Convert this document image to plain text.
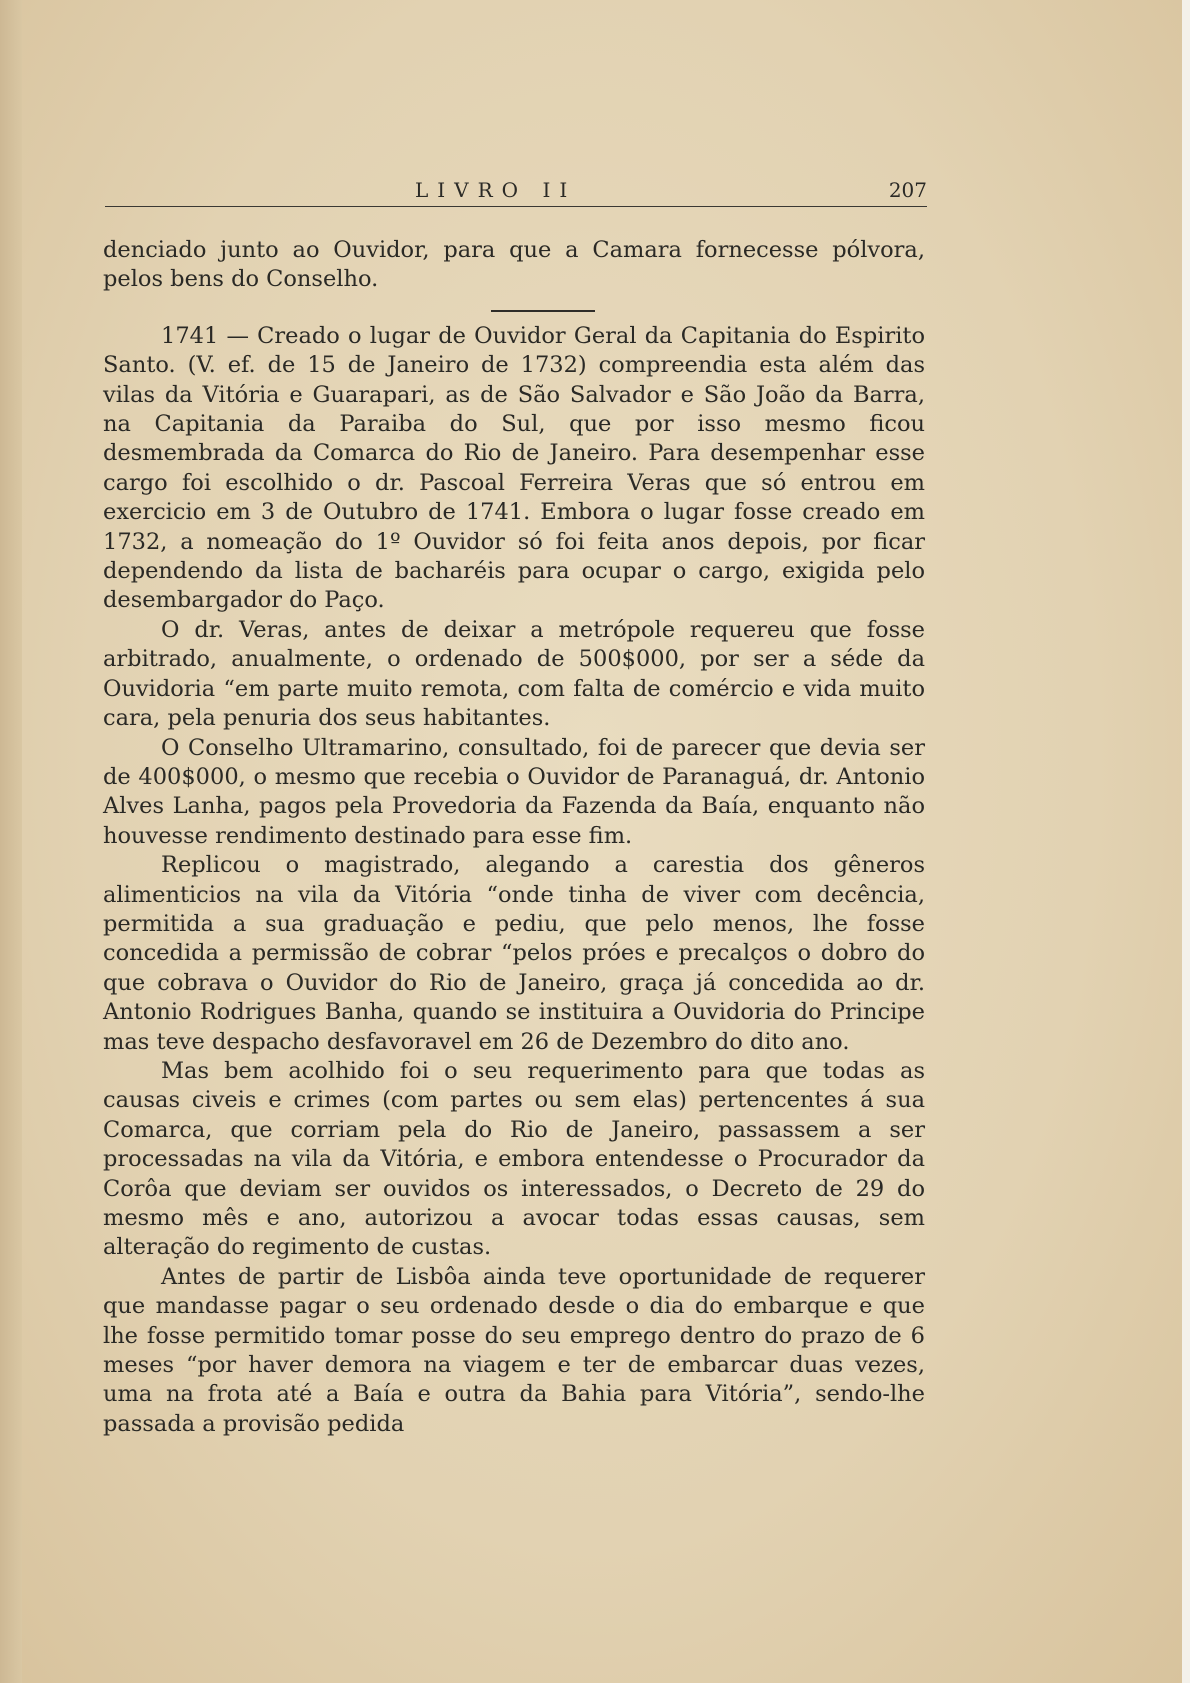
LIVRO II	207

denciado junto ao Ouvidor, para que a Camara fornecesse pólvora, pelos bens do Conselho.

1741 — Creado o lugar de Ouvidor Geral da Capitania do Espirito Santo. (V. ef. de 15 de Janeiro de 1732) compreendia esta além das vilas da Vitória e Guarapari, as de São Salvador e São João da Barra, na Capitania da Paraiba do Sul, que por isso mesmo ficou desmembrada da Comarca do Rio de Janeiro. Para desempenhar esse cargo foi escolhido o dr. Pascoal Ferreira Veras que só entrou em exercicio em 3 de Outubro de 1741. Embora o lugar fosse creado em 1732, a nomeação do 1º Ouvidor só foi feita anos depois, por ficar dependendo da lista de bacharéis para ocupar o cargo, exigida pelo desembargador do Paço.

O dr. Veras, antes de deixar a metrópole requereu que fosse arbitrado, anualmente, o ordenado de 500$000, por ser a séde da Ouvidoria “em parte muito remota, com falta de comércio e vida muito cara, pela penuria dos seus habitantes.

O Conselho Ultramarino, consultado, foi de parecer que devia ser de 400$000, o mesmo que recebia o Ouvidor de Paranaguá, dr. Antonio Alves Lanha, pagos pela Provedoria da Fazenda da Baía, enquanto não houvesse rendimento destinado para esse fim.

Replicou o magistrado, alegando a carestia dos gêneros alimenticios na vila da Vitória “onde tinha de viver com decência, permitida a sua graduação e pediu, que pelo menos, lhe fosse concedida a permissão de cobrar “pelos próes e precalços o dobro do que cobrava o Ouvidor do Rio de Janeiro, graça já concedida ao dr. Antonio Rodrigues Banha, quando se instituira a Ouvidoria do Principe mas teve despacho desfavoravel em 26 de Dezembro do dito ano.

Mas bem acolhido foi o seu requerimento para que todas as causas civeis e crimes (com partes ou sem elas) pertencentes á sua Comarca, que corriam pela do Rio de Janeiro, passassem a ser processadas na vila da Vitória, e embora entendesse o Procurador da Corôa que deviam ser ouvidos os interessados, o Decreto de 29 do mesmo mês e ano, autorizou a avocar todas essas causas, sem alteração do regimento de custas.

Antes de partir de Lisbôa ainda teve oportunidade de requerer que mandasse pagar o seu ordenado desde o dia do embarque e que lhe fosse permitido tomar posse do seu emprego dentro do prazo de 6 meses “por haver demora na viagem e ter de embarcar duas vezes, uma na frota até a Baía e outra da Bahia para Vitória”, sendo-lhe passada a provisão pedida
